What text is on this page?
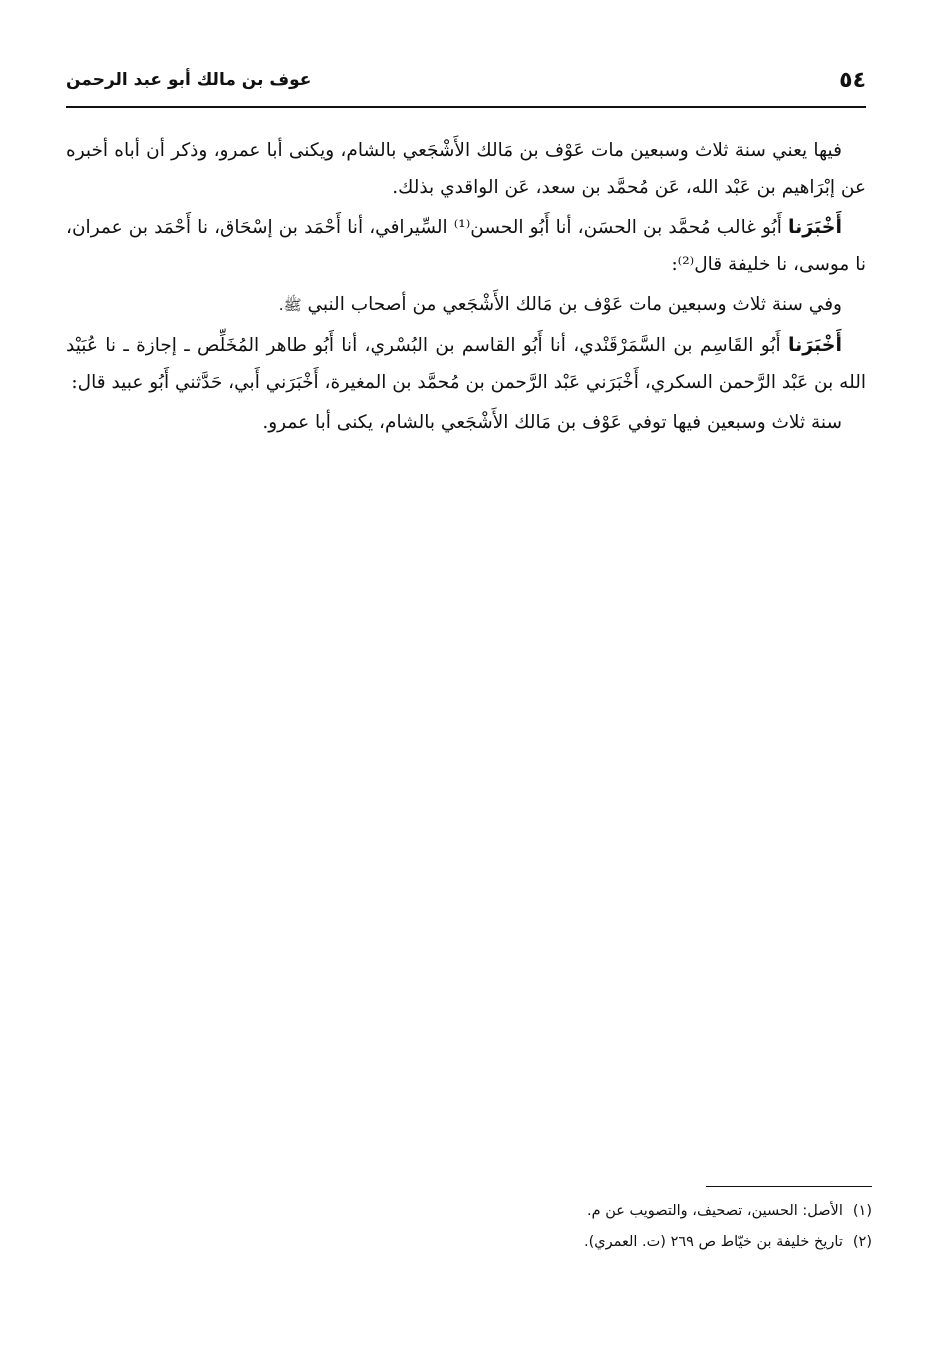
٥٤
عوف بن مالك أبو عبد الرحمن

فيها يعني سنة ثلاث وسبعين مات عَوْف بن مَالك الأَشْجَعي بالشام، ويكنى أبا عمرو، وذكر أن أباه أخبره عن إبْرَاهيم بن عَبْد الله، عَن مُحمَّد بن سعد، عَن الواقدي بذلك.

أَخْبَرَنا أَبُو غالب مُحمَّد بن الحسَن، أنا أَبُو الحسن⁽¹⁾ السِّيرافي، أنا أَحْمَد بن إسْحَاق، نا أَحْمَد بن عمران، نا موسى، نا خليفة قال⁽²⁾:

وفي سنة ثلاث وسبعين مات عَوْف بن مَالك الأَشْجَعي من أصحاب النبي ﷺ.

أَخْبَرَنا أَبُو القَاسِم بن السَّمَرْقَنْدي، أنا أَبُو القاسم بن البُسْري، أنا أَبُو طاهر المُخَلِّص ـ إجازة ـ نا عُبَيْد الله بن عَبْد الرَّحمن السكري، أَخْبَرَني عَبْد الرَّحمن بن مُحمَّد بن المغيرة، أَخْبَرَني أَبي، حَدَّثني أَبُو عبيد قال:

سنة ثلاث وسبعين فيها توفي عَوْف بن مَالك الأَشْجَعي بالشام، يكنى أبا عمرو.

(١)الأصل: الحسين، تصحيف، والتصويب عن م.

(٢)تاريخ خليفة بن خيّاط ص ٢٦٩ (ت. العمري).
